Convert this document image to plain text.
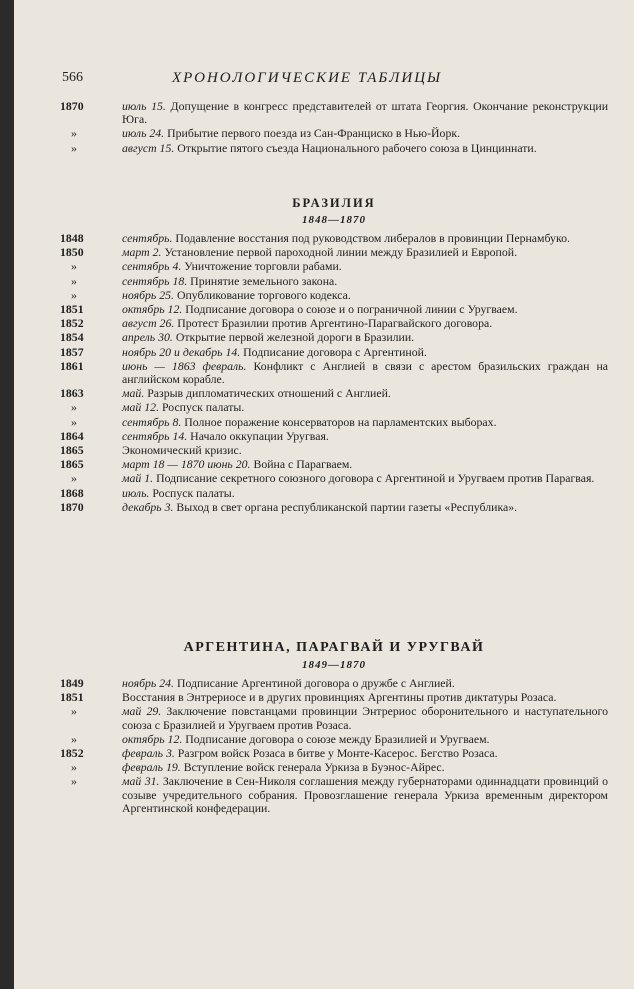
566	ХРОНОЛОГИЧЕСКИЕ ТАБЛИЦЫ
1870	июль 15. Допущение в конгресс представителей от штата Георгия. Окончание реконструкции Юга.
»	июль 24. Прибытие первого поезда из Сан-Франциско в Нью-Йорк.
»	август 15. Открытие пятого съезда Национального рабочего союза в Цинциннати.
БРАЗИЛИЯ
1848—1870
1848	сентябрь. Подавление восстания под руководством либералов в провинции Пернамбуко.
1850	март 2. Установление первой пароходной линии между Бразилией и Европой.
»	сентябрь 4. Уничтожение торговли рабами.
»	сентябрь 18. Принятие земельного закона.
»	ноябрь 25. Опубликование торгового кодекса.
1851	октябрь 12. Подписание договора о союзе и о пограничной линии с Уругваем.
1852	август 26. Протест Бразилии против Аргентино-Парагвайского договора.
1854	апрель 30. Открытие первой железной дороги в Бразилии.
1857	ноябрь 20 и декабрь 14. Подписание договора с Аргентиной.
1861	июнь — 1863 февраль. Конфликт с Англией в связи с арестом бразильских граждан на английском корабле.
1863	май. Разрыв дипломатических отношений с Англией.
»	май 12. Роспуск палаты.
»	сентябрь 8. Полное поражение консерваторов на парламентских выборах.
1864	сентябрь 14. Начало оккупации Уругвая.
1865	Экономический кризис.
1865	март 18 — 1870 июнь 20. Война с Парагваем.
»	май 1. Подписание секретного союзного договора с Аргентиной и Уругваем против Парагвая.
1868	июль. Роспуск палаты.
1870	декабрь 3. Выход в свет органа республиканской партии газеты «Республика».
АРГЕНТИНА, ПАРАГВАЙ И УРУГВАЙ
1849—1870
1849	ноябрь 24. Подписание Аргентиной договора о дружбе с Англией.
1851	Восстания в Энтрериосе и в других провинциях Аргентины против диктатуры Розаса.
»	май 29. Заключение повстанцами провинции Энтрериос оборонительного и наступательного союза с Бразилией и Уругваем против Розаса.
»	октябрь 12. Подписание договора о союзе между Бразилией и Уругваем.
1852	февраль 3. Разгром войск Розаса в битве у Монте-Касерос. Бегство Розаса.
»	февраль 19. Вступление войск генерала Уркиза в Буэнос-Айрес.
»	май 31. Заключение в Сен-Николя соглашения между губернаторами одиннадцати провинций о созыве учредительного собрания. Провозглашение генерала Уркиза временным директором Аргентинской конфедерации.
